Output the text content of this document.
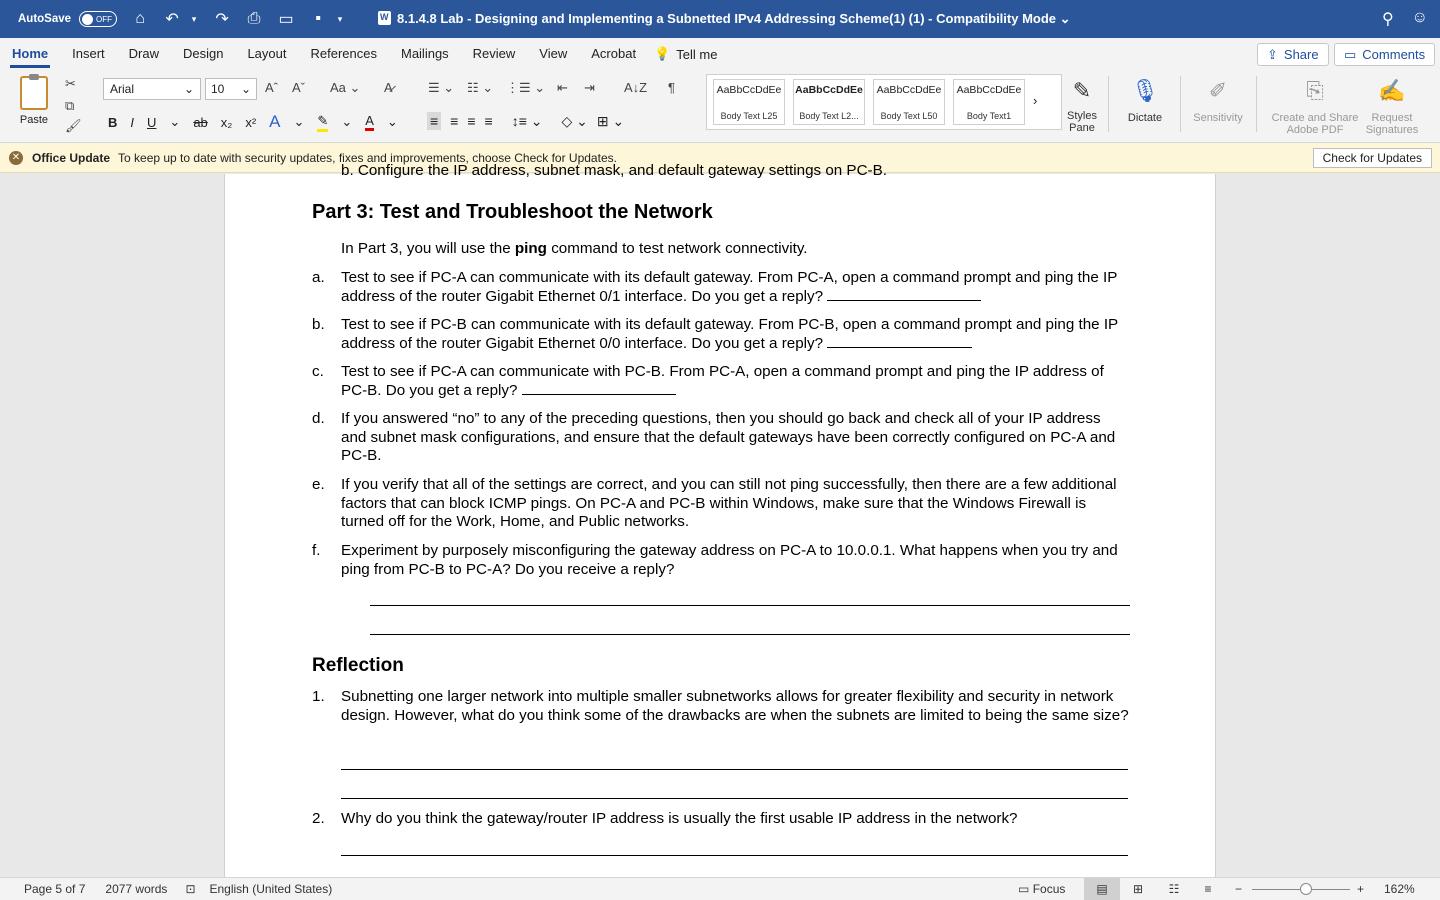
AutoSave	OFF ⌂ ↶	▾ ↷ ⎙ ▭	▪	▾
W	8.1.4.8 Lab - Designing and Implementing a Subnetted IPv4 Addressing Scheme(1) (1) - Compatibility Mode ⌄	⚲ ☺
Home	Insert	Draw	Design	Layout	References	Mailings	Review	View	Acrobat	💡 Tell me	⇪ Share ▭ Comments
Paste
✂
⧉
🖌
Arial	⌄ 10 ⌄ Aˆ Aˇ Aa ⌄ A̷
B I U ⌄ ab x₂ x² A ⌄ ✎ ⌄ A ⌄
☰ ⌄ ☷ ⌄ ⋮☰ ⌄ ⇤ ⇥ A↓Z ¶
≡ ≡ ≡ ≡ ↕≡ ⌄ ◇ ⌄ ⊞ ⌄
AaBbCcDdEe
Body Text L25
AaBbCcDdEe
Body Text L2...
AaBbCcDdEe
Body Text L50
AaBbCcDdEe
Body Text1
›	✎
Styles
Pane
🎙
Dictate
✐
Sensitivity
⎘
Create and Share
Adobe PDF
✍
Request
Signatures
✕ Office Update To keep up to date with security updates, fixes and improvements, choose Check for Updates.	Check for Updates
b. Configure the IP address, subnet mask, and default gateway settings on PC-B.
Part 3: Test and Troubleshoot the Network
In Part 3, you will use the ping command to test network connectivity.
a. Test to see if PC-A can communicate with its default gateway. From PC-A, open a command prompt and ping the IP address of the router Gigabit Ethernet 0/1 interface. Do you get a reply?
b. Test to see if PC-B can communicate with its default gateway. From PC-B, open a command prompt and ping the IP address of the router Gigabit Ethernet 0/0 interface. Do you get a reply?
c. Test to see if PC-A can communicate with PC-B. From PC-A, open a command prompt and ping the IP address of PC-B. Do you get a reply?
d. If you answered “no” to any of the preceding questions, then you should go back and check all of your IP address and subnet mask configurations, and ensure that the default gateways have been correctly configured on PC-A and PC-B.
e. If you verify that all of the settings are correct, and you can still not ping successfully, then there are a few additional factors that can block ICMP pings. On PC-A and PC-B within Windows, make sure that the Windows Firewall is turned off for the Work, Home, and Public networks.
f. Experiment by purposely misconfiguring the gateway address on PC-A to 10.0.0.1. What happens when you try and ping from PC-B to PC-A? Do you receive a reply?
Reflection
1. Subnetting one larger network into multiple smaller subnetworks allows for greater flexibility and security in network design. However, what do you think some of the drawbacks are when the subnets are limited to being the same size?
2. Why do you think the gateway/router IP address is usually the first usable IP address in the network?
Page 5 of 7 2077 words ⊡ English (United States)	▭ Focus	▤	⊞	☷	≡	−	+ 162%
